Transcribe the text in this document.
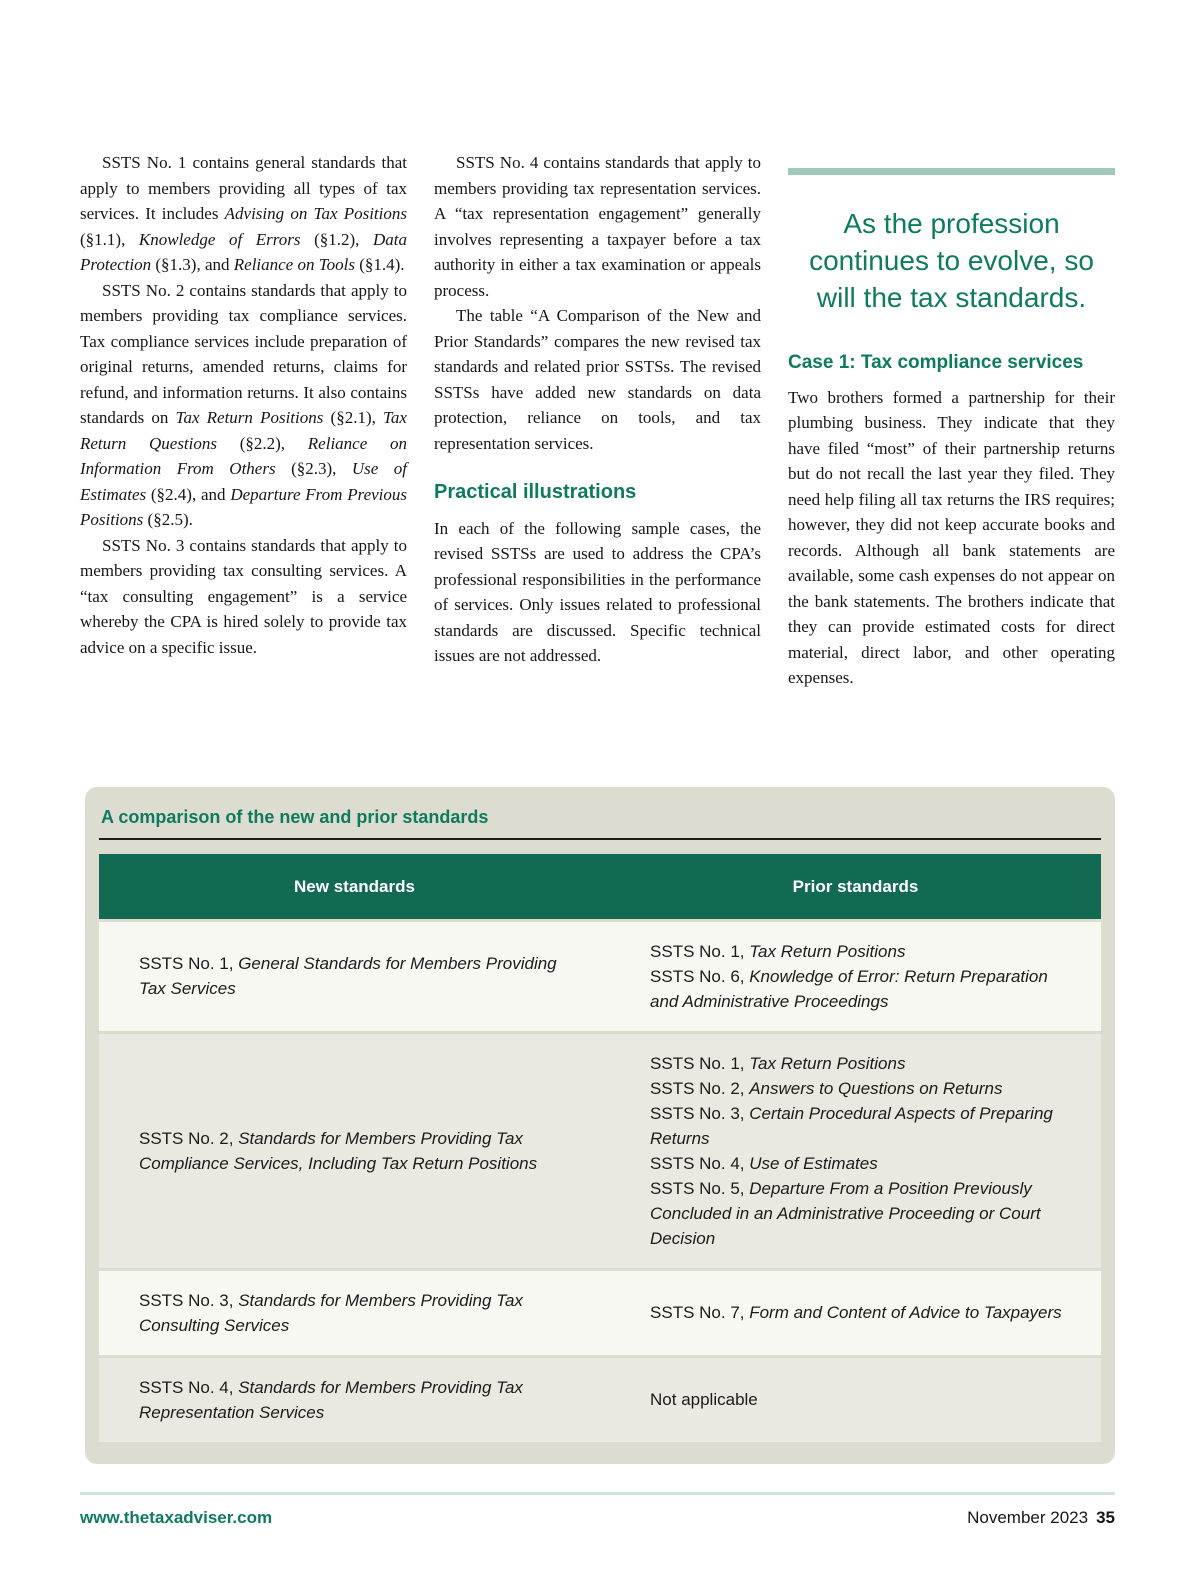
SSTS No. 1 contains general standards that apply to members providing all types of tax services. It includes Advising on Tax Positions (§1.1), Knowledge of Errors (§1.2), Data Protection (§1.3), and Reliance on Tools (§1.4).

SSTS No. 2 contains standards that apply to members providing tax compliance services. Tax compliance services include preparation of original returns, amended returns, claims for refund, and information returns. It also contains standards on Tax Return Positions (§2.1), Tax Return Questions (§2.2), Reliance on Information From Others (§2.3), Use of Estimates (§2.4), and Departure From Previous Positions (§2.5).

SSTS No. 3 contains standards that apply to members providing tax consulting services. A “tax consulting engagement” is a service whereby the CPA is hired solely to provide tax advice on a specific issue.

SSTS No. 4 contains standards that apply to members providing tax representation services. A “tax representation engagement” generally involves representing a taxpayer before a tax authority in either a tax examination or appeals process.

The table “A Comparison of the New and Prior Standards” compares the new revised tax standards and related prior SSTSs. The revised SSTSs have added new standards on data protection, reliance on tools, and tax representation services.

Practical illustrations

In each of the following sample cases, the revised SSTSs are used to address the CPA’s professional responsibilities in the performance of services. Only issues related to professional standards are discussed. Specific technical issues are not addressed.

As the profession continues to evolve, so will the tax standards.
Case 1: Tax compliance services

Two brothers formed a partnership for their plumbing business. They indicate that they have filed “most” of their partnership returns but do not recall the last year they filed. They need help filing all tax returns the IRS requires; however, they did not keep accurate books and records. Although all bank statements are available, some cash expenses do not appear on the bank statements. The brothers indicate that they can provide estimated costs for direct material, direct labor, and other operating expenses.

A comparison of the new and prior standards
New standards	Prior standards

SSTS No. 1, General Standards for Members Providing Tax Services	SSTS No. 1, Tax Return Positions
SSTS No. 6, Knowledge of Error: Return Preparation and Administrative Proceedings

SSTS No. 2, Standards for Members Providing Tax Compliance Services, Including Tax Return Positions	SSTS No. 1, Tax Return Positions
SSTS No. 2, Answers to Questions on Returns
SSTS No. 3, Certain Procedural Aspects of Preparing Returns
SSTS No. 4, Use of Estimates
SSTS No. 5, Departure From a Position Previously Concluded in an Administrative Proceeding or Court Decision

SSTS No. 3, Standards for Members Providing Tax Consulting Services	SSTS No. 7, Form and Content of Advice to Taxpayers

SSTS No. 4, Standards for Members Providing Tax Representation Services	Not applicable
www.thetaxadviser.com	November 2023 35
